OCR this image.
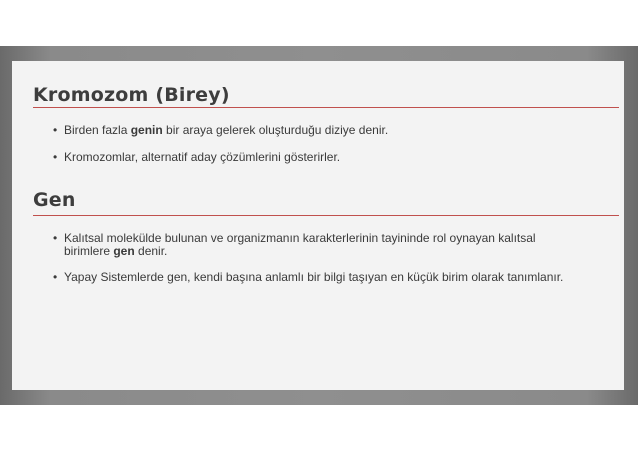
Kromozom (Birey)
• Birden fazla genin bir araya gelerek oluşturduğu diziye denir.
• Kromozomlar, alternatif aday çözümlerini gösterirler.
Gen
• Kalıtsal molekülde bulunan ve organizmanın karakterlerinin tayininde rol oynayan kalıtsal birimlere gen denir.
• Yapay Sistemlerde gen, kendi başına anlamlı bir bilgi taşıyan en küçük birim olarak tanımlanır.
